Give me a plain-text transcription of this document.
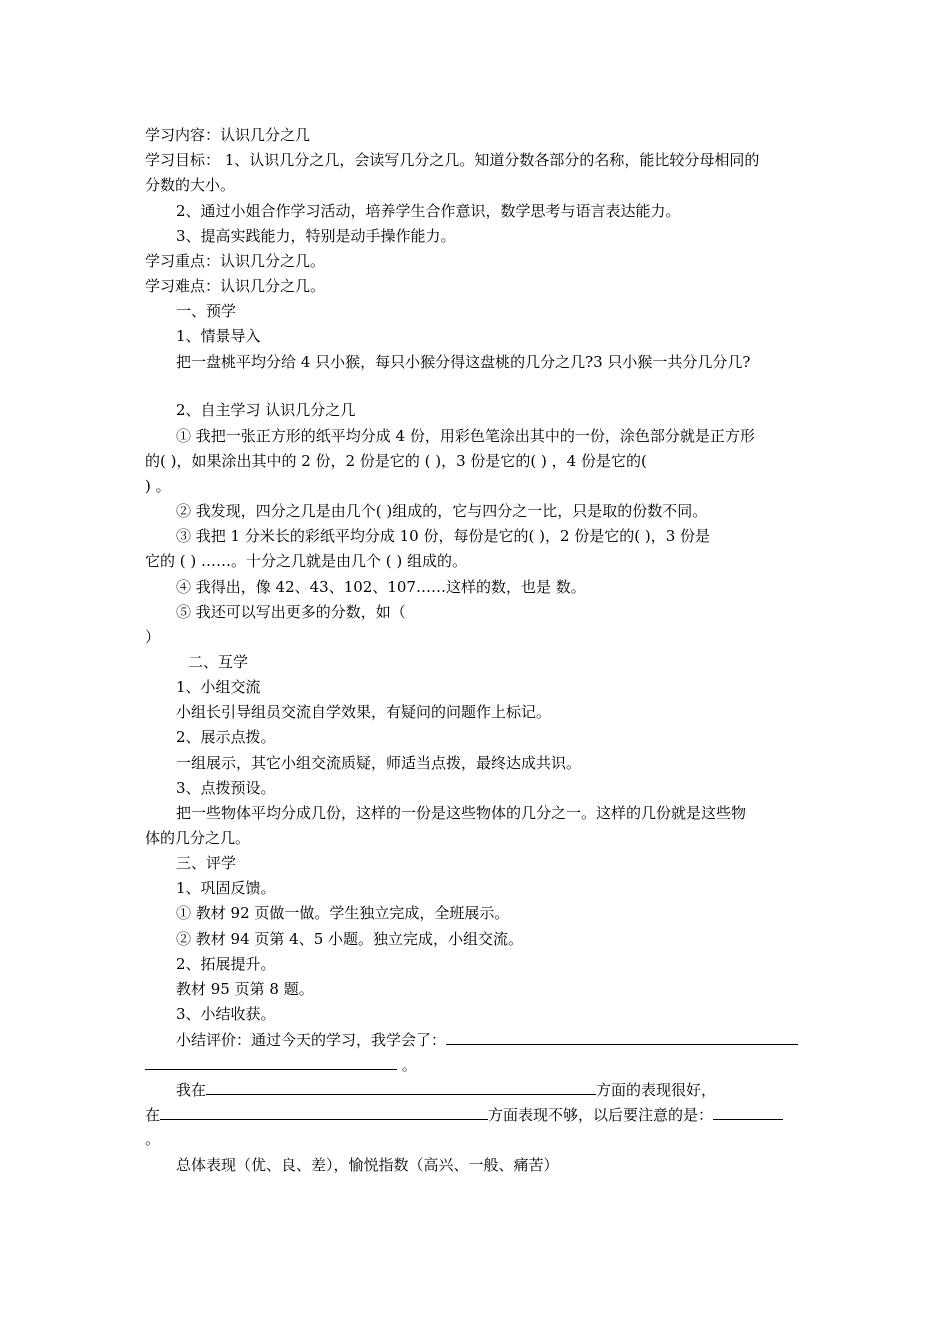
学习内容：认识几分之几
学习目标： 1、认识几分之几，会读写几分之几。知道分数各部分的名称，能比较分母相同的
分数的大小。
2、通过小姐合作学习活动，培养学生合作意识，数学思考与语言表达能力。
3、提高实践能力，特别是动手操作能力。
学习重点：认识几分之几。
学习难点：认识几分之几。
一、预学
1、情景导入
把一盘桃平均分给 4 只小猴，每只小猴分得这盘桃的几分之几?3 只小猴一共分几分几?
2、自主学习 认识几分之几
① 我把一张正方形的纸平均分成 4 份，用彩色笔涂出其中的一份，涂色部分就是正方形
的( )，如果涂出其中的 2 份，2 份是它的 ( )，3 份是它的( ) ，4 份是它的(
) 。
② 我发现，四分之几是由几个( )组成的，它与四分之一比，只是取的份数不同。
③ 我把 1 分米长的彩纸平均分成 10 份，每份是它的( )，2 份是它的( )，3 份是
它的 ( ) ……。十分之几就是由几个 ( ) 组成的。
④ 我得出，像 42、43、102、107……这样的数，也是 数。
⑤ 我还可以写出更多的分数，如（
）
二、互学
1、小组交流
小组长引导组员交流自学效果，有疑问的问题作上标记。
2、展示点拨。
一组展示，其它小组交流质疑，师适当点拨，最终达成共识。
3、点拨预设。
把一些物体平均分成几份，这样的一份是这些物体的几分之一。这样的几份就是这些物
体的几分之几。
三、评学
1、巩固反馈。
① 教材 92 页做一做。学生独立完成，全班展示。
② 教材 94 页第 4、5 小题。独立完成，小组交流。
2、拓展提升。
教材 95 页第 8 题。
3、小结收获。
小结评价：通过今天的学习，我学会了：
。
我在	方面的表现很好，
在	方面表现不够，以后要注意的是：
。
总体表现（优、良、差），愉悦指数（高兴、一般、痛苦）
